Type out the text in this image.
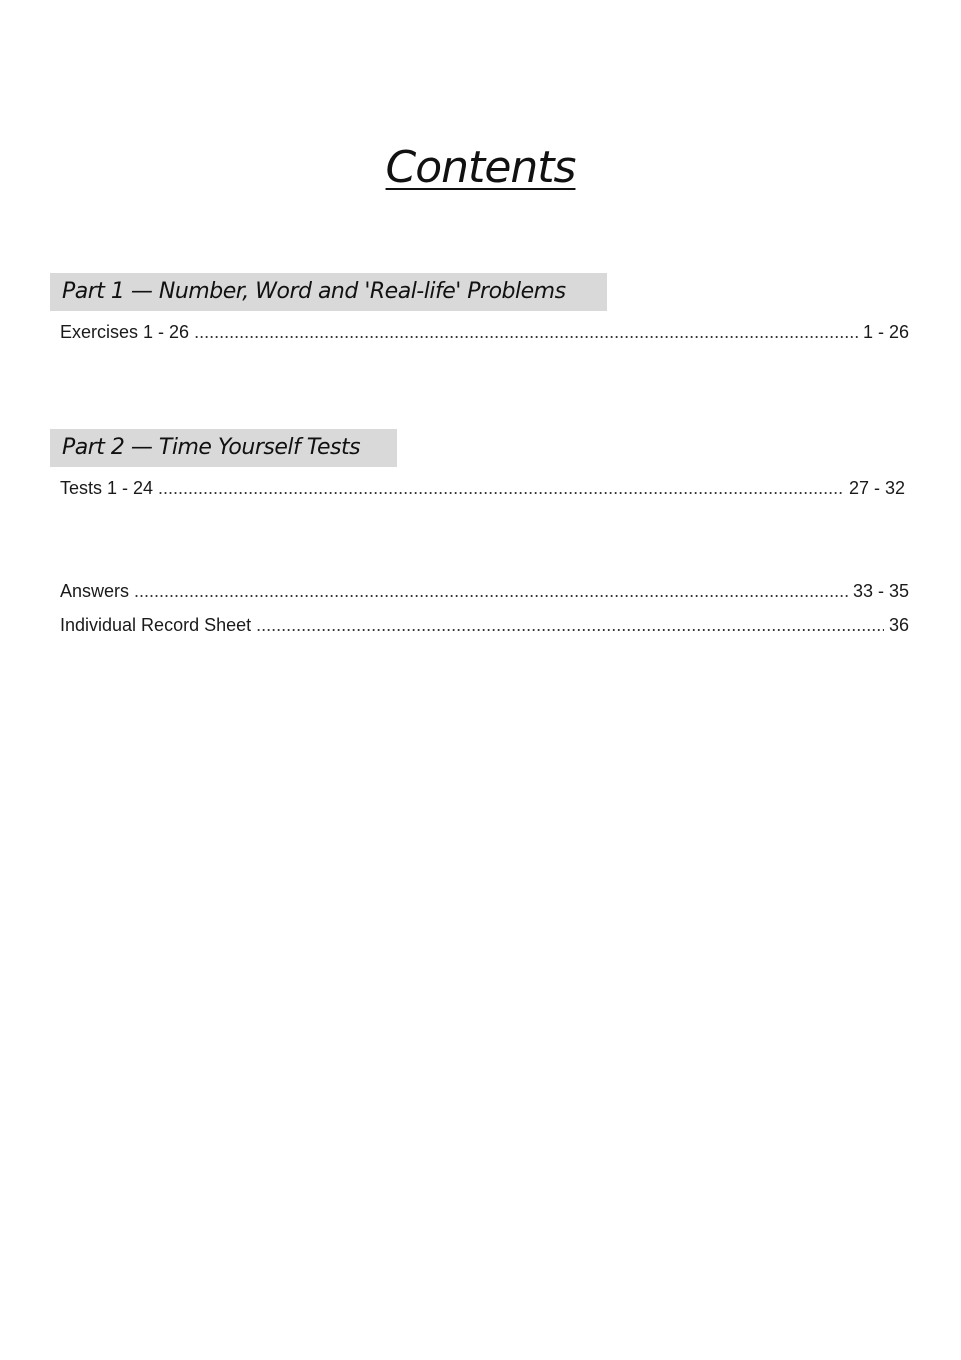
Contents
Part 1 — Number, Word and 'Real-life' Problems
Exercises 1 - 26 .....	1 - 26
Part 2 — Time Yourself Tests
Tests 1 - 24 .....	27 - 32
Answers .....	33 - 35
Individual Record Sheet .....	36
